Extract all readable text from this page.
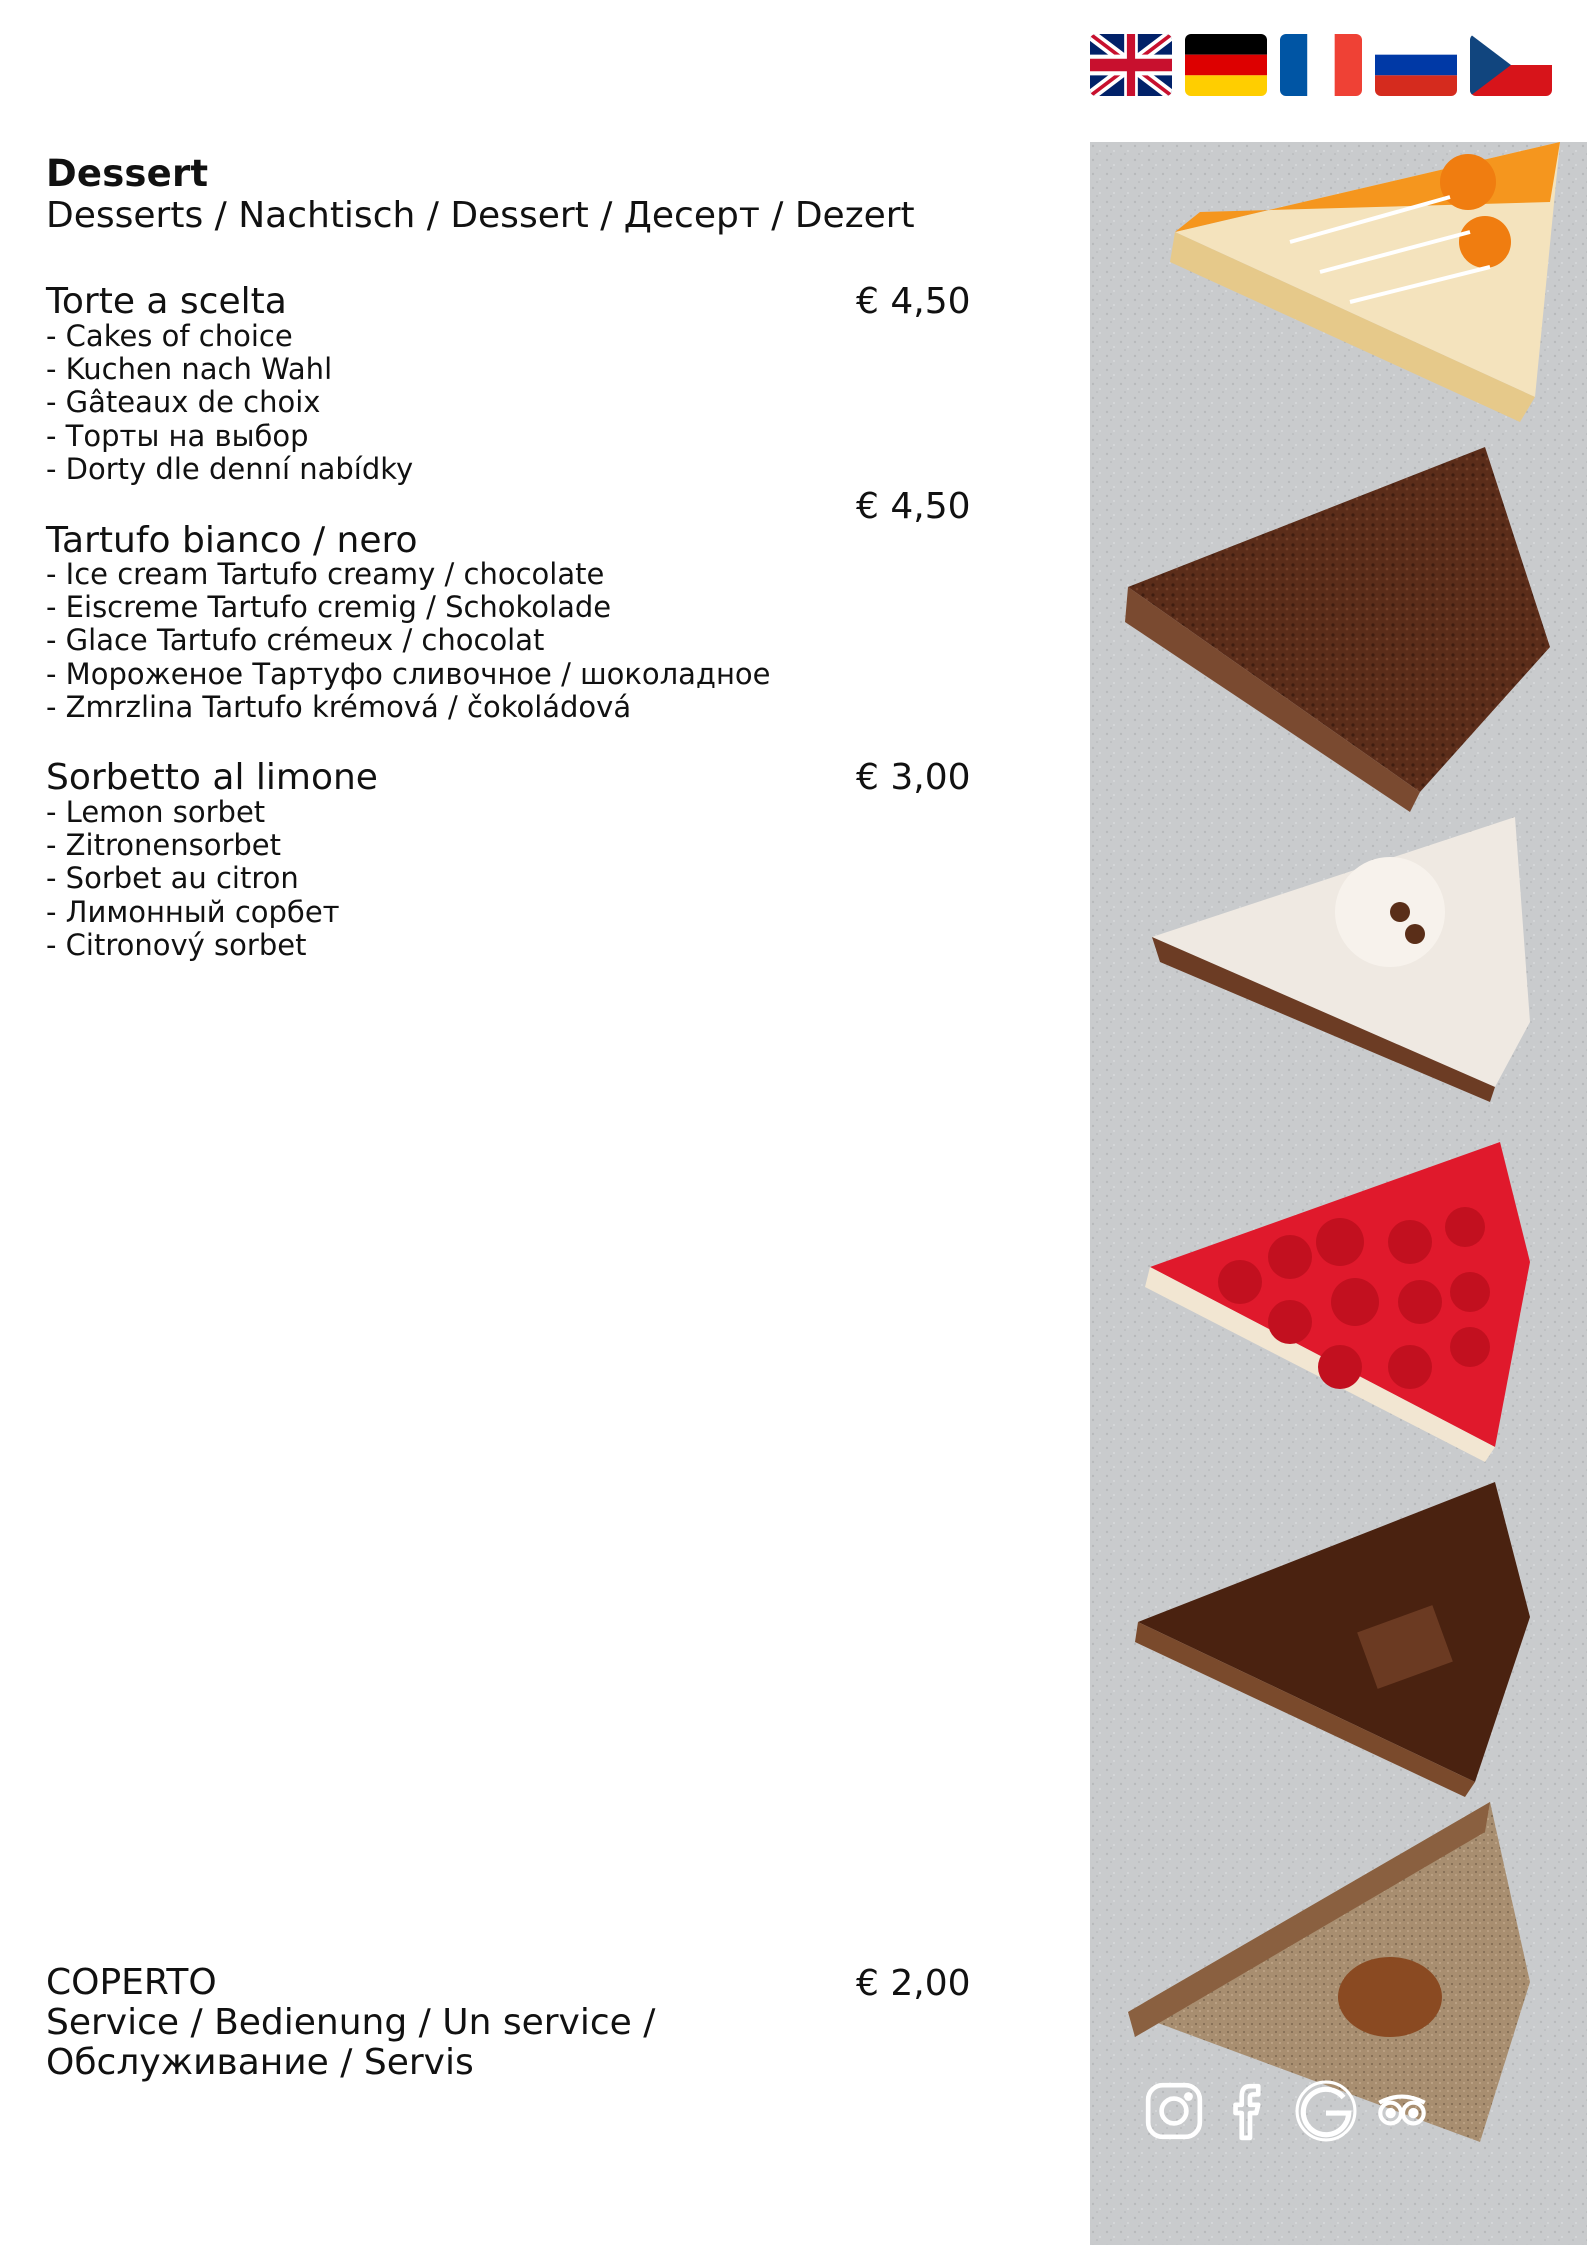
Dessert
Desserts / Nachtisch / Dessert / Десерт / Dezert
Torte a scelta	€ 4,50
- Cakes of choice
- Kuchen nach Wahl
- Gâteaux de choix
- Торты на выбор
- Dorty dle denní nabídky
€ 4,50
Tartufo bianco / nero
- Ice cream Tartufo creamy / chocolate
- Eiscreme Tartufo cremig / Schokolade
- Glace Tartufo crémeux / chocolat
- Мороженое Тартуфо сливочное / шоколадное
- Zmrzlina Tartufo krémová / čokoládová
Sorbetto al limone	€ 3,00
- Lemon sorbet
- Zitronensorbet
- Sorbet au citron
- Лимонный сорбет
- Citronový sorbet
COPERTO
Service / Bedienung / Un service /
Обслуживание / Servis
€ 2,00
